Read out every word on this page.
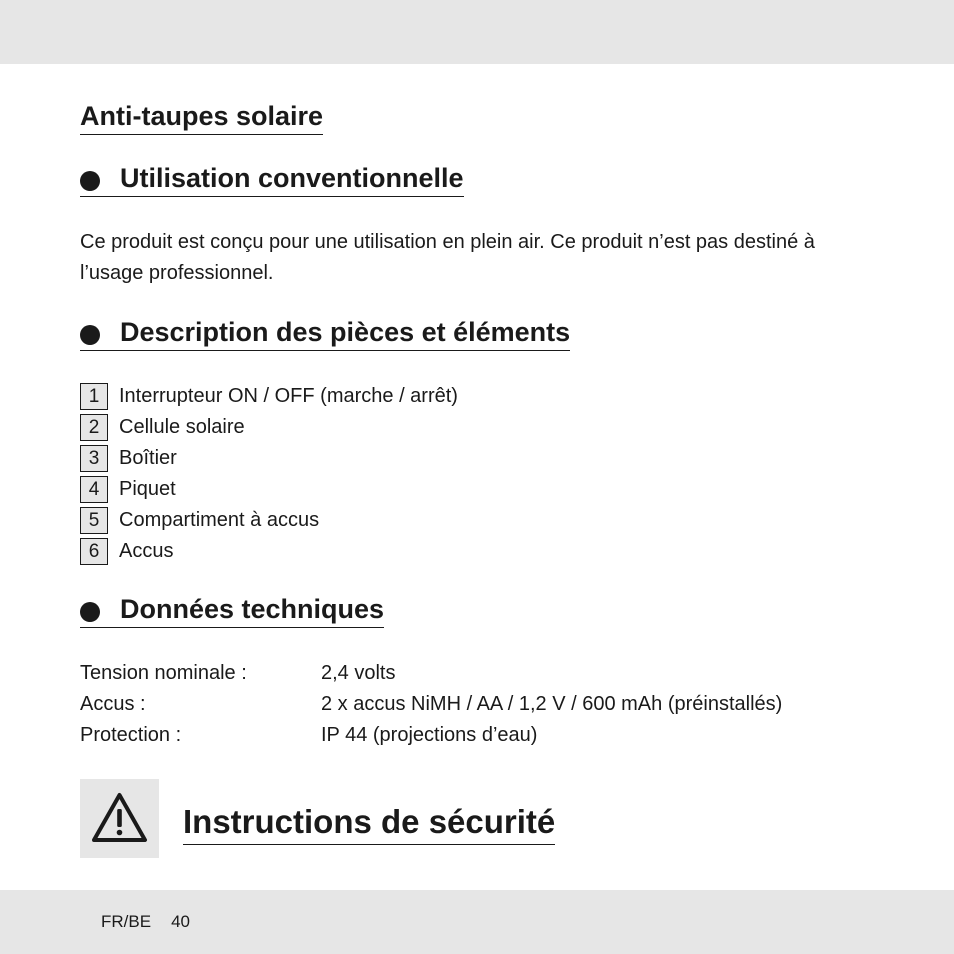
Anti-taupes solaire
Utilisation conventionnelle

Ce produit est conçu pour une utilisation en plein air. Ce produit n’est pas destiné à l’usage professionnel.

Description des pièces et éléments
1 Interrupteur ON / OFF (marche / arrêt)
2 Cellule solaire
3 Boîtier
4 Piquet
5 Compartiment à accus
6 Accus
Données techniques
Tension nominale :	2,4 volts
Accus :	2 x accus NiMH / AA / 1,2 V / 600 mAh (préinstallés)
Protection :	IP 44 (projections d’eau)
Instructions de sécurité
FR/BE 40
